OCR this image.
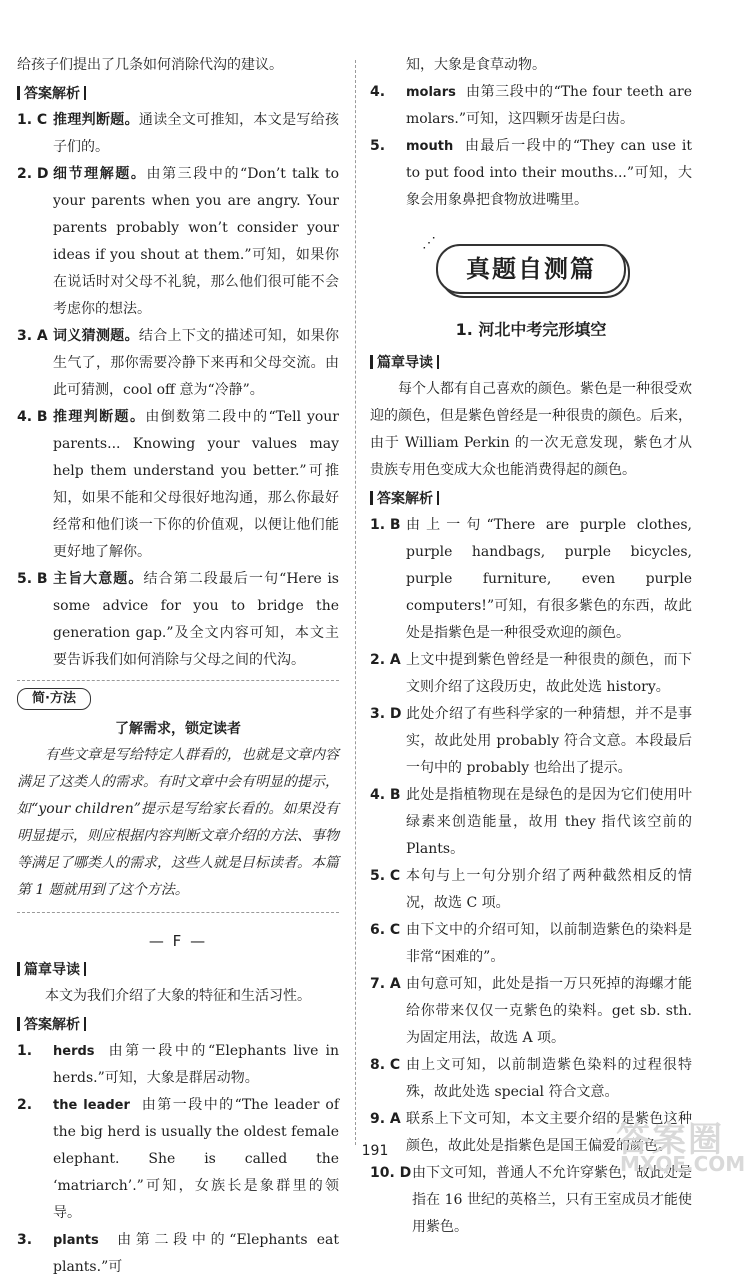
给孩子们提出了几条如何消除代沟的建议。

答案解析
1. C 推理判断题。通读全文可推知，本文是写给孩子们的。
2. D 细节理解题。由第三段中的“Don’t talk to your parents when you are angry. Your parents probably won’t consider your ideas if you shout at them.”可知，如果你在说话时对父母不礼貌，那么他们很可能不会考虑你的想法。
3. A 词义猜测题。结合上下文的描述可知，如果你生气了，那你需要冷静下来再和父母交流。由此可猜测，cool off 意为“冷静”。
4. B 推理判断题。由倒数第二段中的“Tell your parents... Knowing your values may help them understand you better.”可推知，如果不能和父母很好地沟通，那么你最好经常和他们谈一下你的价值观，以便让他们能更好地了解你。
5. B 主旨大意题。结合第二段最后一句“Here is some advice for you to bridge the generation gap.”及全文内容可知，本文主要告诉我们如何消除与父母之间的代沟。
简·方法
了解需求，锁定读者
有些文章是写给特定人群看的，也就是文章内容满足了这类人的需求。有时文章中会有明显的提示，如“your children”提示是写给家长看的。如果没有明显提示，则应根据内容判断文章介绍的方法、事物等满足了哪类人的需求，这些人就是目标读者。本篇第 1 题就用到了这个方法。
— F —
篇章导读

本文为我们介绍了大象的特征和生活习性。

答案解析
1. herds 由第一段中的“Elephants live in herds.”可知，大象是群居动物。
2. the leader 由第一段中的“The leader of the big herd is usually the oldest female elephant. She is called the ‘matriarch’.”可知，女族长是象群里的领导。
3. plants 由第二段中的“Elephants eat plants.”可
知，大象是食草动物。
4. molars 由第三段中的“The four teeth are molars.”可知，这四颗牙齿是臼齿。
5. mouth 由最后一段中的“They can use it to put food into their mouths...”可知，大象会用象鼻把食物放进嘴里。
真题自测篇
⋰
1. 河北中考完形填空
篇章导读

每个人都有自己喜欢的颜色。紫色是一种很受欢迎的颜色，但是紫色曾经是一种很贵的颜色。后来，由于 William Perkin 的一次无意发现，紫色才从贵族专用色变成大众也能消费得起的颜色。

答案解析
1. B 由上一句“There are purple clothes, purple handbags, purple bicycles, purple furniture, even purple computers!”可知，有很多紫色的东西，故此处是指紫色是一种很受欢迎的颜色。
2. A 上文中提到紫色曾经是一种很贵的颜色，而下文则介绍了这段历史，故此处选 history。
3. D 此处介绍了有些科学家的一种猜想，并不是事实，故此处用 probably 符合文意。本段最后一句中的 probably 也给出了提示。
4. B 此处是指植物现在是绿色的是因为它们使用叶绿素来创造能量，故用 they 指代该空前的 Plants。
5. C 本句与上一句分别介绍了两种截然相反的情况，故选 C 项。
6. C 由下文中的介绍可知，以前制造紫色的染料是非常“困难的”。
7. A 由句意可知，此处是指一万只死掉的海螺才能给你带来仅仅一克紫色的染料。get sb. sth. 为固定用法，故选 A 项。
8. C 由上文可知，以前制造紫色染料的过程很特殊，故此处选 special 符合文意。
9. A 联系上下文可知，本文主要介绍的是紫色这种颜色，故此处是指紫色是国王偏爱的颜色。
10. D 由下文可知，普通人不允许穿紫色，故此处是指在 16 世纪的英格兰，只有王室成员才能使用紫色。
191	答案圈
MXQE.COM
